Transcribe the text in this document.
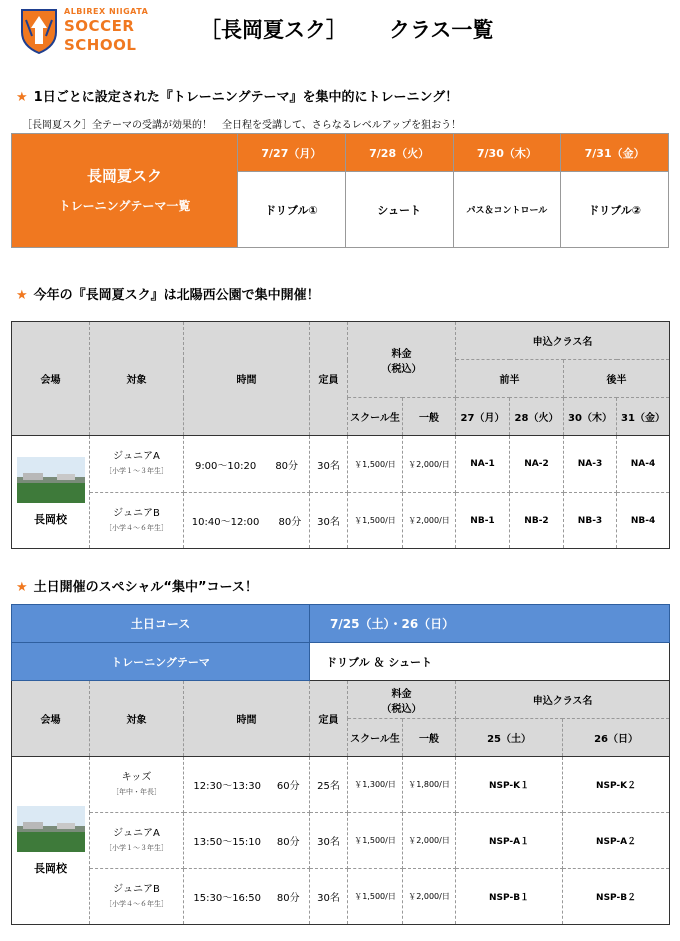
ALBIREX NIIGATA
SOCCER
SCHOOL
［長岡夏スク］ クラス一覧
★ 1日ごとに設定された『トレーニングテーマ』を集中的にトレーニング！
［長岡夏スク］全テーマの受講が効果的！　全日程を受講して、さらなるレベルアップを狙おう！
長岡夏スク
トレーニングテーマ一覧	7/27（月）	7/28（火）	7/30（木）	7/31（金）
	ドリブル①	シュート	パス＆コントロール	ドリブル②
★ 今年の『長岡夏スク』は北陽西公園で集中開催！
会場	対象	時間	定員	料金
（税込）		申込クラス名			
						前半		後半	
				スクール生	一般	27（月）	28（火）	30（木）	31（金）

長岡校	ジュニアA
［小学１～３年生］	9:00～10:20 80分	30名	￥1,500/日	￥2,000/日	NA-1	NA-2	NA-3	NA-4

	ジュニアB
［小学４～６年生］	10:40～12:00 80分	30名	￥1,500/日	￥2,000/日	NB-1	NB-2	NB-3	NB-4
★ 土日開催のスペシャル“集中”コース！
土日コース			7/25（土）・26（日）				
トレーニングテーマ			ドリブル ＆ シュート				
会場	対象	時間	定員	料金
（税込）		申込クラス名	
				スクール生	一般	25（土）	26（日）

長岡校	キッズ
［年中・年長］	12:30～13:30 60分	25名	￥1,300/日	￥1,800/日	NSP-K１	NSP-K２

	ジュニアA
［小学１～３年生］	13:50～15:10 80分	30名	￥1,500/日	￥2,000/日	NSP-A１	NSP-A２

	ジュニアB
［小学４～６年生］	15:30～16:50 80分	30名	￥1,500/日	￥2,000/日	NSP-B１	NSP-B２
